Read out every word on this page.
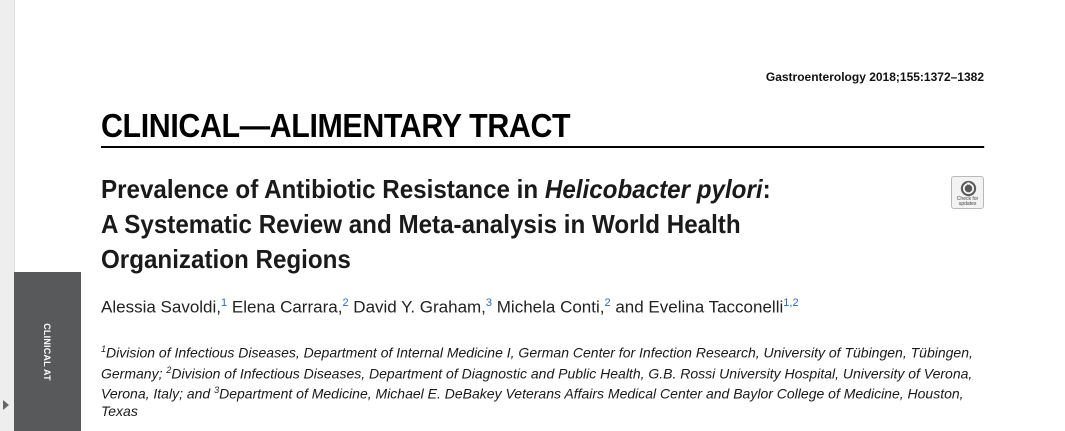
CLINICAL AT
Gastroenterology 2018;155:1372–1382
CLINICAL—ALIMENTARY TRACT
Prevalence of Antibiotic Resistance in Helicobacter pylori:
A Systematic Review and Meta-analysis in World Health
Organization Regions
Check for updates

Alessia Savoldi,$^1$ Elena Carrara,$^2$ David Y. Graham,$^3$ Michela Conti,$^2$ and Evelina Tacconelli$^{1,2}$

$^1$Division of Infectious Diseases, Department of Internal Medicine I, German Center for Infection Research, University of Tübingen, Tübingen, Germany; $^2$Division of Infectious Diseases, Department of Diagnostic and Public Health, G.B. Rossi University Hospital, University of Verona, Verona, Italy; and $^3$Department of Medicine, Michael E. DeBakey Veterans Affairs Medical Center and Baylor College of Medicine, Houston, Texas
